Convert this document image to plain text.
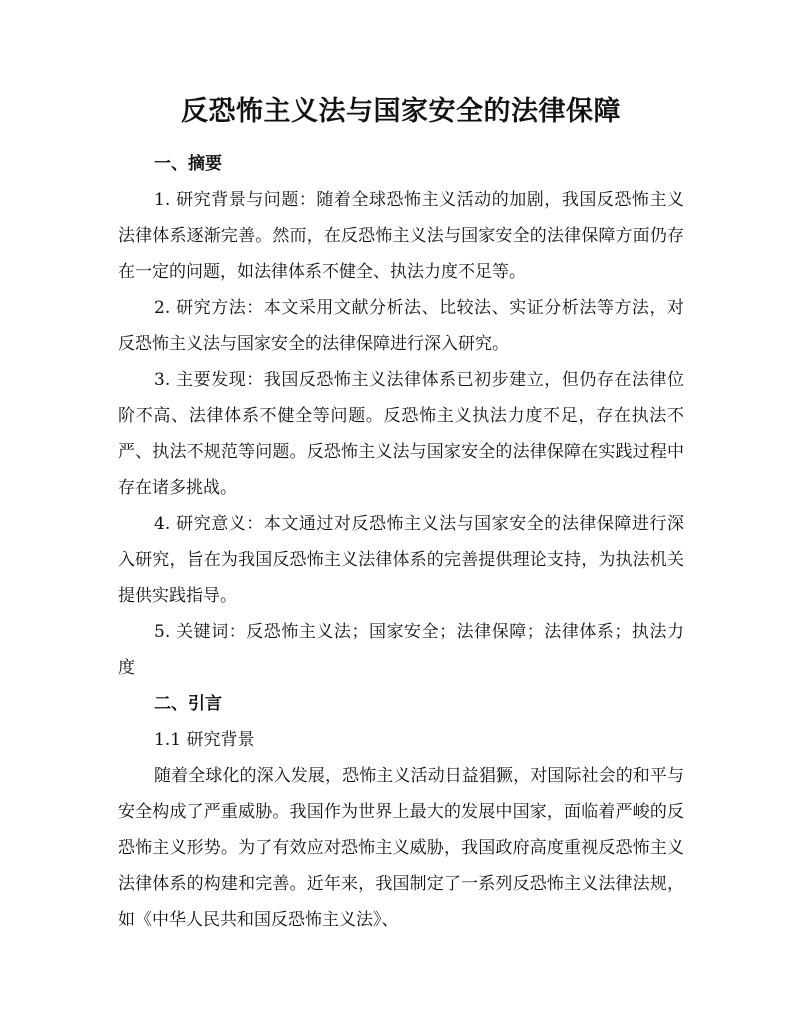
反恐怖主义法与国家安全的法律保障
一、摘要

1. 研究背景与问题：随着全球恐怖主义活动的加剧，我国反恐怖主义法律体系逐渐完善。然而，在反恐怖主义法与国家安全的法律保障方面仍存在一定的问题，如法律体系不健全、执法力度不足等。

2. 研究方法：本文采用文献分析法、比较法、实证分析法等方法，对反恐怖主义法与国家安全的法律保障进行深入研究。

3. 主要发现：我国反恐怖主义法律体系已初步建立，但仍存在法律位阶不高、法律体系不健全等问题。反恐怖主义执法力度不足，存在执法不严、执法不规范等问题。反恐怖主义法与国家安全的法律保障在实践过程中存在诸多挑战。

4. 研究意义：本文通过对反恐怖主义法与国家安全的法律保障进行深入研究，旨在为我国反恐怖主义法律体系的完善提供理论支持，为执法机关提供实践指导。

5. 关键词：反恐怖主义法；国家安全；法律保障；法律体系；执法力度

二、引言

1.1 研究背景

随着全球化的深入发展，恐怖主义活动日益猖獗，对国际社会的和平与安全构成了严重威胁。我国作为世界上最大的发展中国家，面临着严峻的反恐怖主义形势。为了有效应对恐怖主义威胁，我国政府高度重视反恐怖主义法律体系的构建和完善。近年来，我国制定了一系列反恐怖主义法律法规，如《中华人民共和国反恐怖主义法》、
